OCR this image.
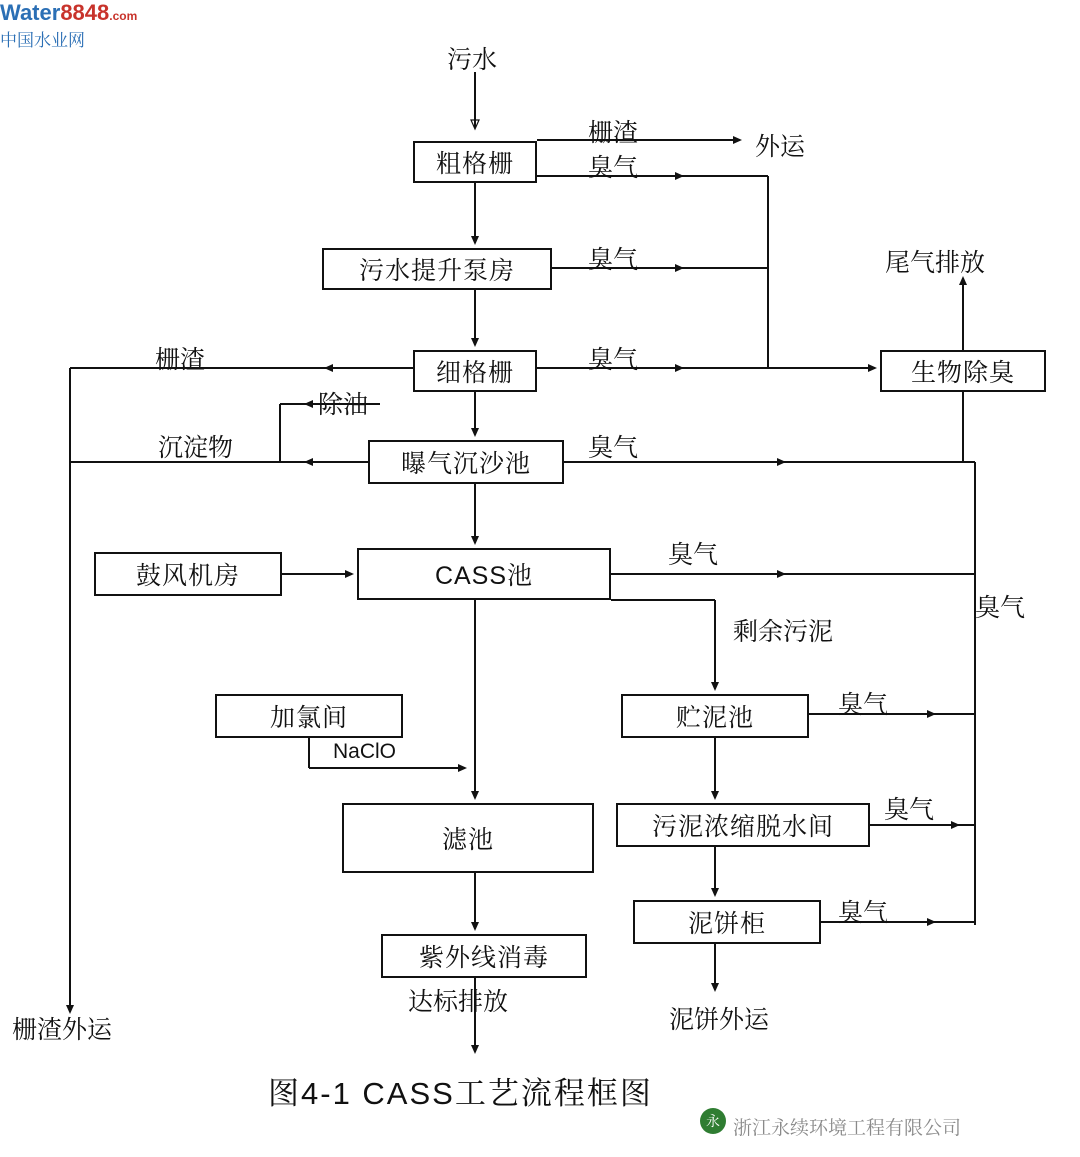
粗格栅
污水提升泵房
细格栅
曝气沉沙池
CASS池
鼓风机房
加氯间
滤池
紫外线消毒
贮泥池
污泥浓缩脱水间
泥饼柜
生物除臭
污水
栅渣	外运
臭气
臭气	尾气排放
栅渣	臭气
除油
沉淀物	臭气
臭气
臭气
剩余污泥
NaClO
臭气
臭气
臭气
达标排放
栅渣外运	泥饼外运
图4-1 CASS工艺流程框图
永 浙江永续环境工程有限公司
Water8848.com
中国水业网
